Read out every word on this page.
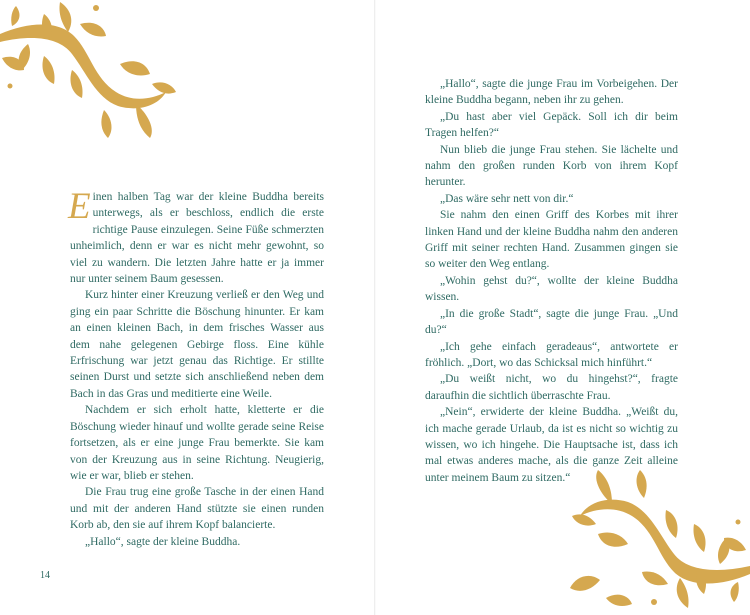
Einen halben Tag war der kleine Buddha bereits unterwegs, als er beschloss, endlich die erste richtige Pause einzulegen. Seine Füße schmerzten unheimlich, denn er war es nicht mehr gewohnt, so viel zu wandern. Die letzten Jahre hatte er ja immer nur unter seinem Baum gesessen.

Kurz hinter einer Kreuzung verließ er den Weg und ging ein paar Schritte die Böschung hinunter. Er kam an einen kleinen Bach, in dem frisches Wasser aus dem nahe gelegenen Gebirge floss. Eine kühle Erfrischung war jetzt genau das Richtige. Er stillte seinen Durst und setzte sich anschließend neben dem Bach in das Gras und meditierte eine Weile.

Nachdem er sich erholt hatte, kletterte er die Böschung wieder hinauf und wollte gerade seine Reise fortsetzen, als er eine junge Frau bemerkte. Sie kam von der Kreuzung aus in seine Richtung. Neugierig, wie er war, blieb er stehen.

Die Frau trug eine große Tasche in der einen Hand und mit der anderen Hand stützte sie einen runden Korb ab, den sie auf ihrem Kopf balancierte.

„Hallo“, sagte der kleine Buddha.

14

„Hallo“, sagte die junge Frau im Vorbeigehen. Der kleine Buddha begann, neben ihr zu gehen.

„Du hast aber viel Gepäck. Soll ich dir beim Tragen helfen?“

Nun blieb die junge Frau stehen. Sie lächelte und nahm den großen runden Korb von ihrem Kopf herunter.

„Das wäre sehr nett von dir.“

Sie nahm den einen Griff des Korbes mit ihrer linken Hand und der kleine Buddha nahm den anderen Griff mit seiner rechten Hand. Zusammen gingen sie so weiter den Weg entlang.

„Wohin gehst du?“, wollte der kleine Buddha wissen.

„In die große Stadt“, sagte die junge Frau. „Und du?“

„Ich gehe einfach geradeaus“, antwortete er fröhlich. „Dort, wo das Schicksal mich hinführt.“

„Du weißt nicht, wo du hingehst?“, fragte daraufhin die sichtlich überraschte Frau.

„Nein“, erwiderte der kleine Buddha. „Weißt du, ich mache gerade Urlaub, da ist es nicht so wichtig zu wissen, wo ich hingehe. Die Hauptsache ist, dass ich mal etwas anderes mache, als die ganze Zeit alleine unter meinem Baum zu sitzen.“
